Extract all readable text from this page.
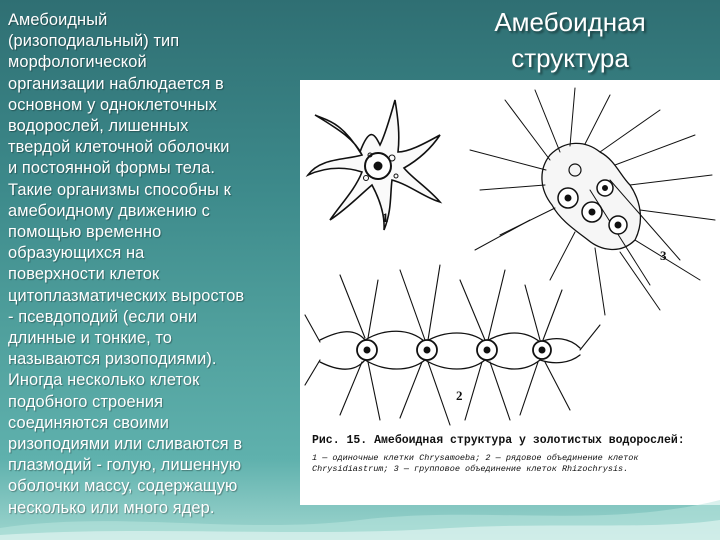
Амебоидная
структура
Амебоидный
(ризоподиальный) тип
морфологической
организации наблюдается в
основном у одноклеточных
водорослей, лишенных
твердой клеточной оболочки
и постоянной формы тела.
Такие организмы способны к
амебоидному движению с
помощью временно
образующихся на
поверхности клеток
цитоплазматических выростов
- псевдоподий (если они
длинные и тонкие, то
называются ризоподиями).
Иногда несколько клеток
подобного строения
соединяются своими
ризоподиями или сливаются в
плазмодий - голую, лишенную
оболочки массу, содержащую
несколько или много ядер.
1
2
3
Рис. 15. Амебоидная структура у золотистых водорослей:
1 — одиночные клетки Chrysamoeba; 2 — рядовое объединение клеток Chrysidiastrum; 3 — групповое объединение клеток Rhizochrysis.
